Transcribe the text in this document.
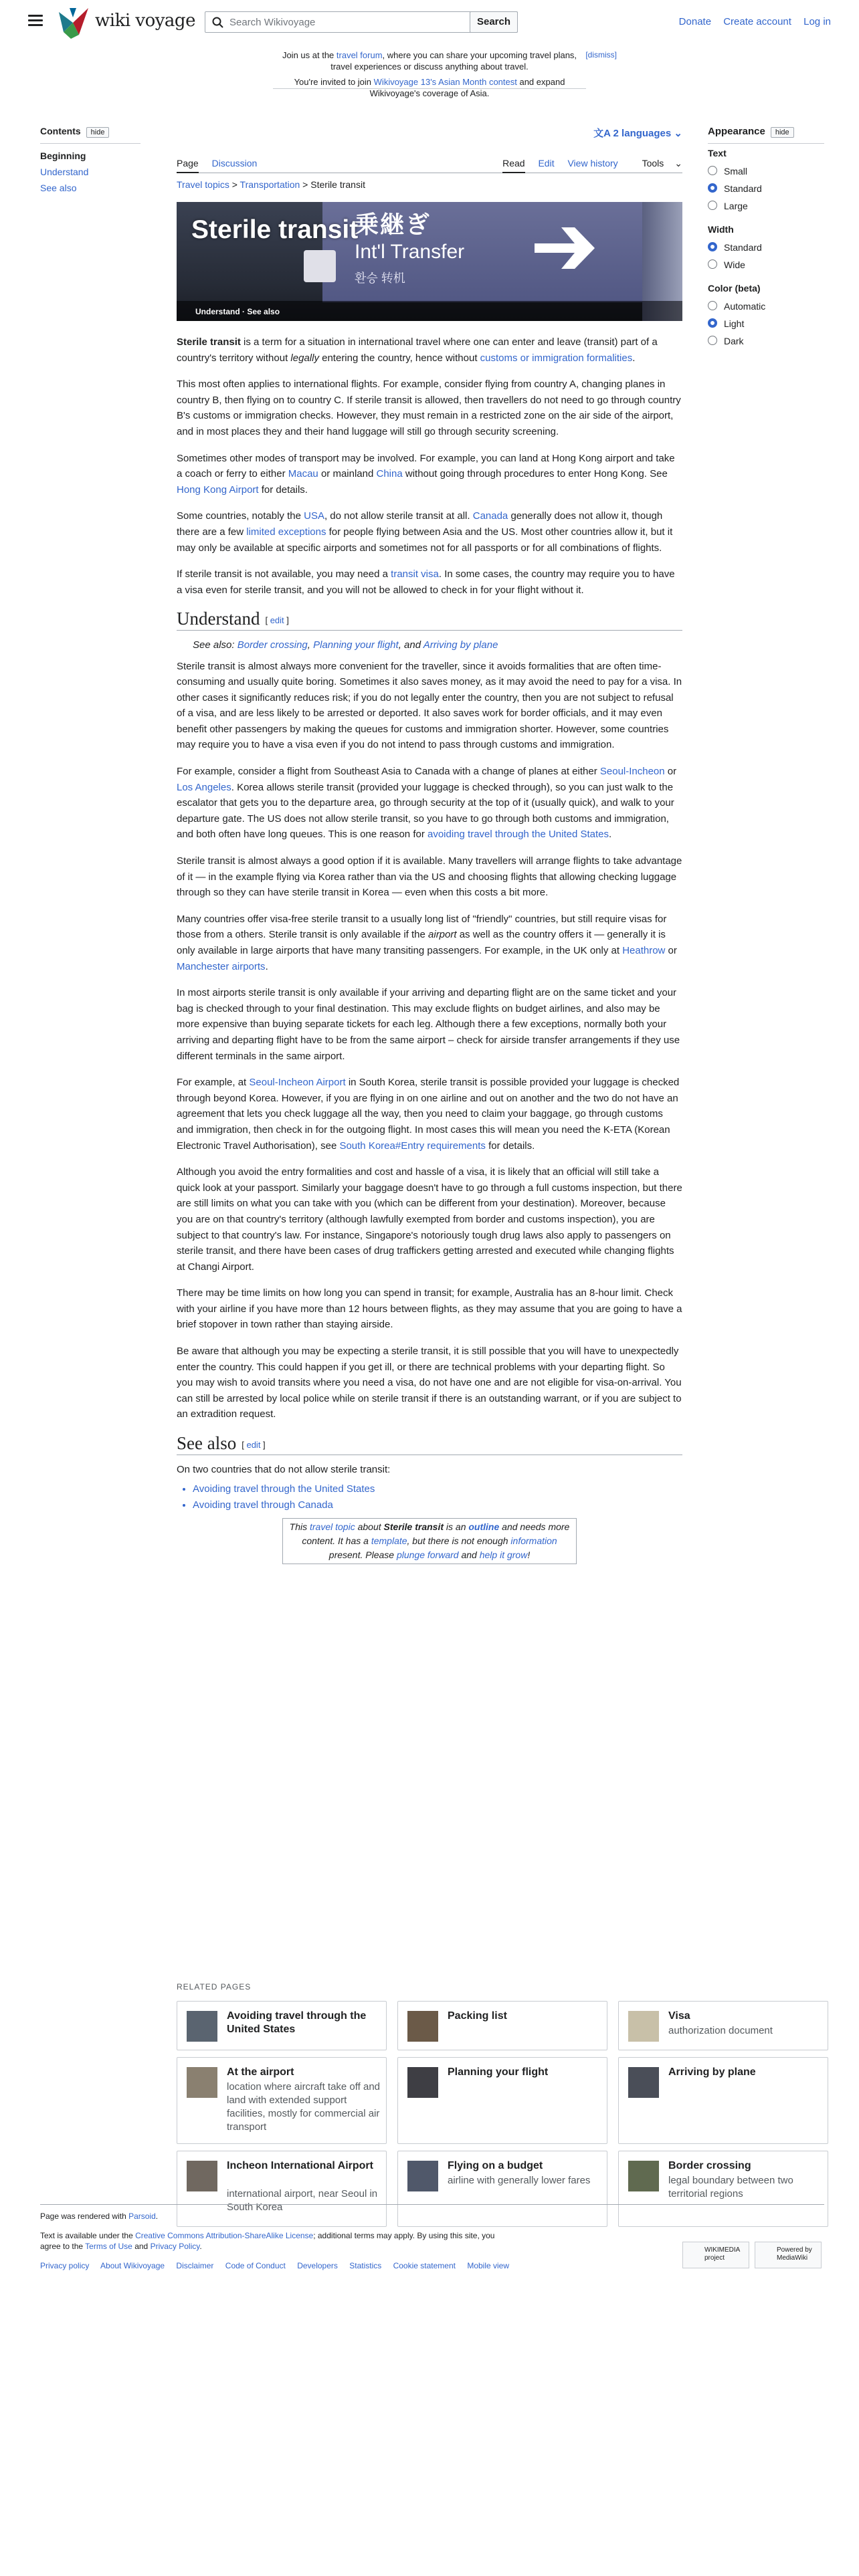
wiki voyage	Search Wikivoyage	Search	Donate Create account Log in
[dismiss]
Join us at the travel forum, where you can share your upcoming travel plans, travel experiences or discuss anything about travel.
You're invited to join Wikivoyage 13's Asian Month contest and expand Wikivoyage's coverage of Asia.
Contents hide
Beginning
Understand
See also
文A 2 languages ⌄
Page Discussion	Read Edit View history	Tools⌄
Travel topics > Transportation > Sterile transit
乗継ぎ
Int'l Transfer
환승 转机
Sterile transit
Understand · See also

Sterile transit is a term for a situation in international travel where one can enter and leave (transit) part of a country's territory without legally entering the country, hence without customs or immigration formalities.

This most often applies to international flights. For example, consider flying from country A, changing planes in country B, then flying on to country C. If sterile transit is allowed, then travellers do not need to go through country B's customs or immigration checks. However, they must remain in a restricted zone on the air side of the airport, and in most places they and their hand luggage will still go through security screening.

Sometimes other modes of transport may be involved. For example, you can land at Hong Kong airport and take a coach or ferry to either Macau or mainland China without going through procedures to enter Hong Kong. See Hong Kong Airport for details.

Some countries, notably the USA, do not allow sterile transit at all. Canada generally does not allow it, though there are a few limited exceptions for people flying between Asia and the US. Most other countries allow it, but it may only be available at specific airports and sometimes not for all passports or for all combinations of flights.

If sterile transit is not available, you may need a transit visa. In some cases, the country may require you to have a visa even for sterile transit, and you will not be allowed to check in for your flight without it.

Understand [ edit ]
See also: Border crossing, Planning your flight, and Arriving by plane

Sterile transit is almost always more convenient for the traveller, since it avoids formalities that are often time-consuming and usually quite boring. Sometimes it also saves money, as it may avoid the need to pay for a visa. In other cases it significantly reduces risk; if you do not legally enter the country, then you are not subject to refusal of a visa, and are less likely to be arrested or deported. It also saves work for border officials, and it may even benefit other passengers by making the queues for customs and immigration shorter. However, some countries may require you to have a visa even if you do not intend to pass through customs and immigration.

For example, consider a flight from Southeast Asia to Canada with a change of planes at either Seoul-Incheon or Los Angeles. Korea allows sterile transit (provided your luggage is checked through), so you can just walk to the escalator that gets you to the departure area, go through security at the top of it (usually quick), and walk to your departure gate. The US does not allow sterile transit, so you have to go through both customs and immigration, and both often have long queues. This is one reason for avoiding travel through the United States.

Sterile transit is almost always a good option if it is available. Many travellers will arrange flights to take advantage of it — in the example flying via Korea rather than via the US and choosing flights that allowing checking luggage through so they can have sterile transit in Korea — even when this costs a bit more.

Many countries offer visa-free sterile transit to a usually long list of "friendly" countries, but still require visas for those from a others. Sterile transit is only available if the airport as well as the country offers it — generally it is only available in large airports that have many transiting passengers. For example, in the UK only at Heathrow or Manchester airports.

In most airports sterile transit is only available if your arriving and departing flight are on the same ticket and your bag is checked through to your final destination. This may exclude flights on budget airlines, and also may be more expensive than buying separate tickets for each leg. Although there a few exceptions, normally both your arriving and departing flight have to be from the same airport – check for airside transfer arrangements if they use different terminals in the same airport.

For example, at Seoul-Incheon Airport in South Korea, sterile transit is possible provided your luggage is checked through beyond Korea. However, if you are flying in on one airline and out on another and the two do not have an agreement that lets you check luggage all the way, then you need to claim your baggage, go through customs and immigration, then check in for the outgoing flight. In most cases this will mean you need the K-ETA (Korean Electronic Travel Authorisation), see South Korea#Entry requirements for details.

Although you avoid the entry formalities and cost and hassle of a visa, it is likely that an official will still take a quick look at your passport. Similarly your baggage doesn't have to go through a full customs inspection, but there are still limits on what you can take with you (which can be different from your destination). Moreover, because you are on that country's territory (although lawfully exempted from border and customs inspection), you are subject to that country's law. For instance, Singapore's notoriously tough drug laws also apply to passengers on sterile transit, and there have been cases of drug traffickers getting arrested and executed while changing flights at Changi Airport.

There may be time limits on how long you can spend in transit; for example, Australia has an 8-hour limit. Check with your airline if you have more than 12 hours between flights, as they may assume that you are going to have a brief stopover in town rather than staying airside.

Be aware that although you may be expecting a sterile transit, it is still possible that you will have to unexpectedly enter the country. This could happen if you get ill, or there are technical problems with your departing flight. So you may wish to avoid transits where you need a visa, do not have one and are not eligible for visa-on-arrival. You can still be arrested by local police while on sterile transit if there is an outstanding warrant, or if you are subject to an extradition request.

See also [ edit ]
On two countries that do not allow sterile transit:
• Avoiding travel through the United States
• Avoiding travel through Canada
This travel topic about Sterile transit is an outline and needs more content. It has a template, but there is not enough information present. Please plunge forward and help it grow!
Appearance hide
Text
Small
Standard
Large
Width
Standard
Wide
Color (beta)
Automatic
Light
Dark
RELATED PAGES
Avoiding travel through the United States
Packing list	Visa
authorization document
At the airport
location where aircraft take off and land with extended support facilities, mostly for commercial air transport
Planning your flight	Arriving by plane
Incheon International Airport
international airport, near Seoul in South Korea
Flying on a budget
airline with generally lower fares
Border crossing
legal boundary between two territorial regions
Page was rendered with Parsoid.
Text is available under the Creative Commons Attribution-ShareAlike License; additional terms may apply. By using this site, you agree to the Terms of Use and Privacy Policy.
Privacy policy About Wikivoyage Disclaimer Code of Conduct Developers Statistics Cookie statement Mobile view
WIKIMEDIA project
Powered by MediaWiki
